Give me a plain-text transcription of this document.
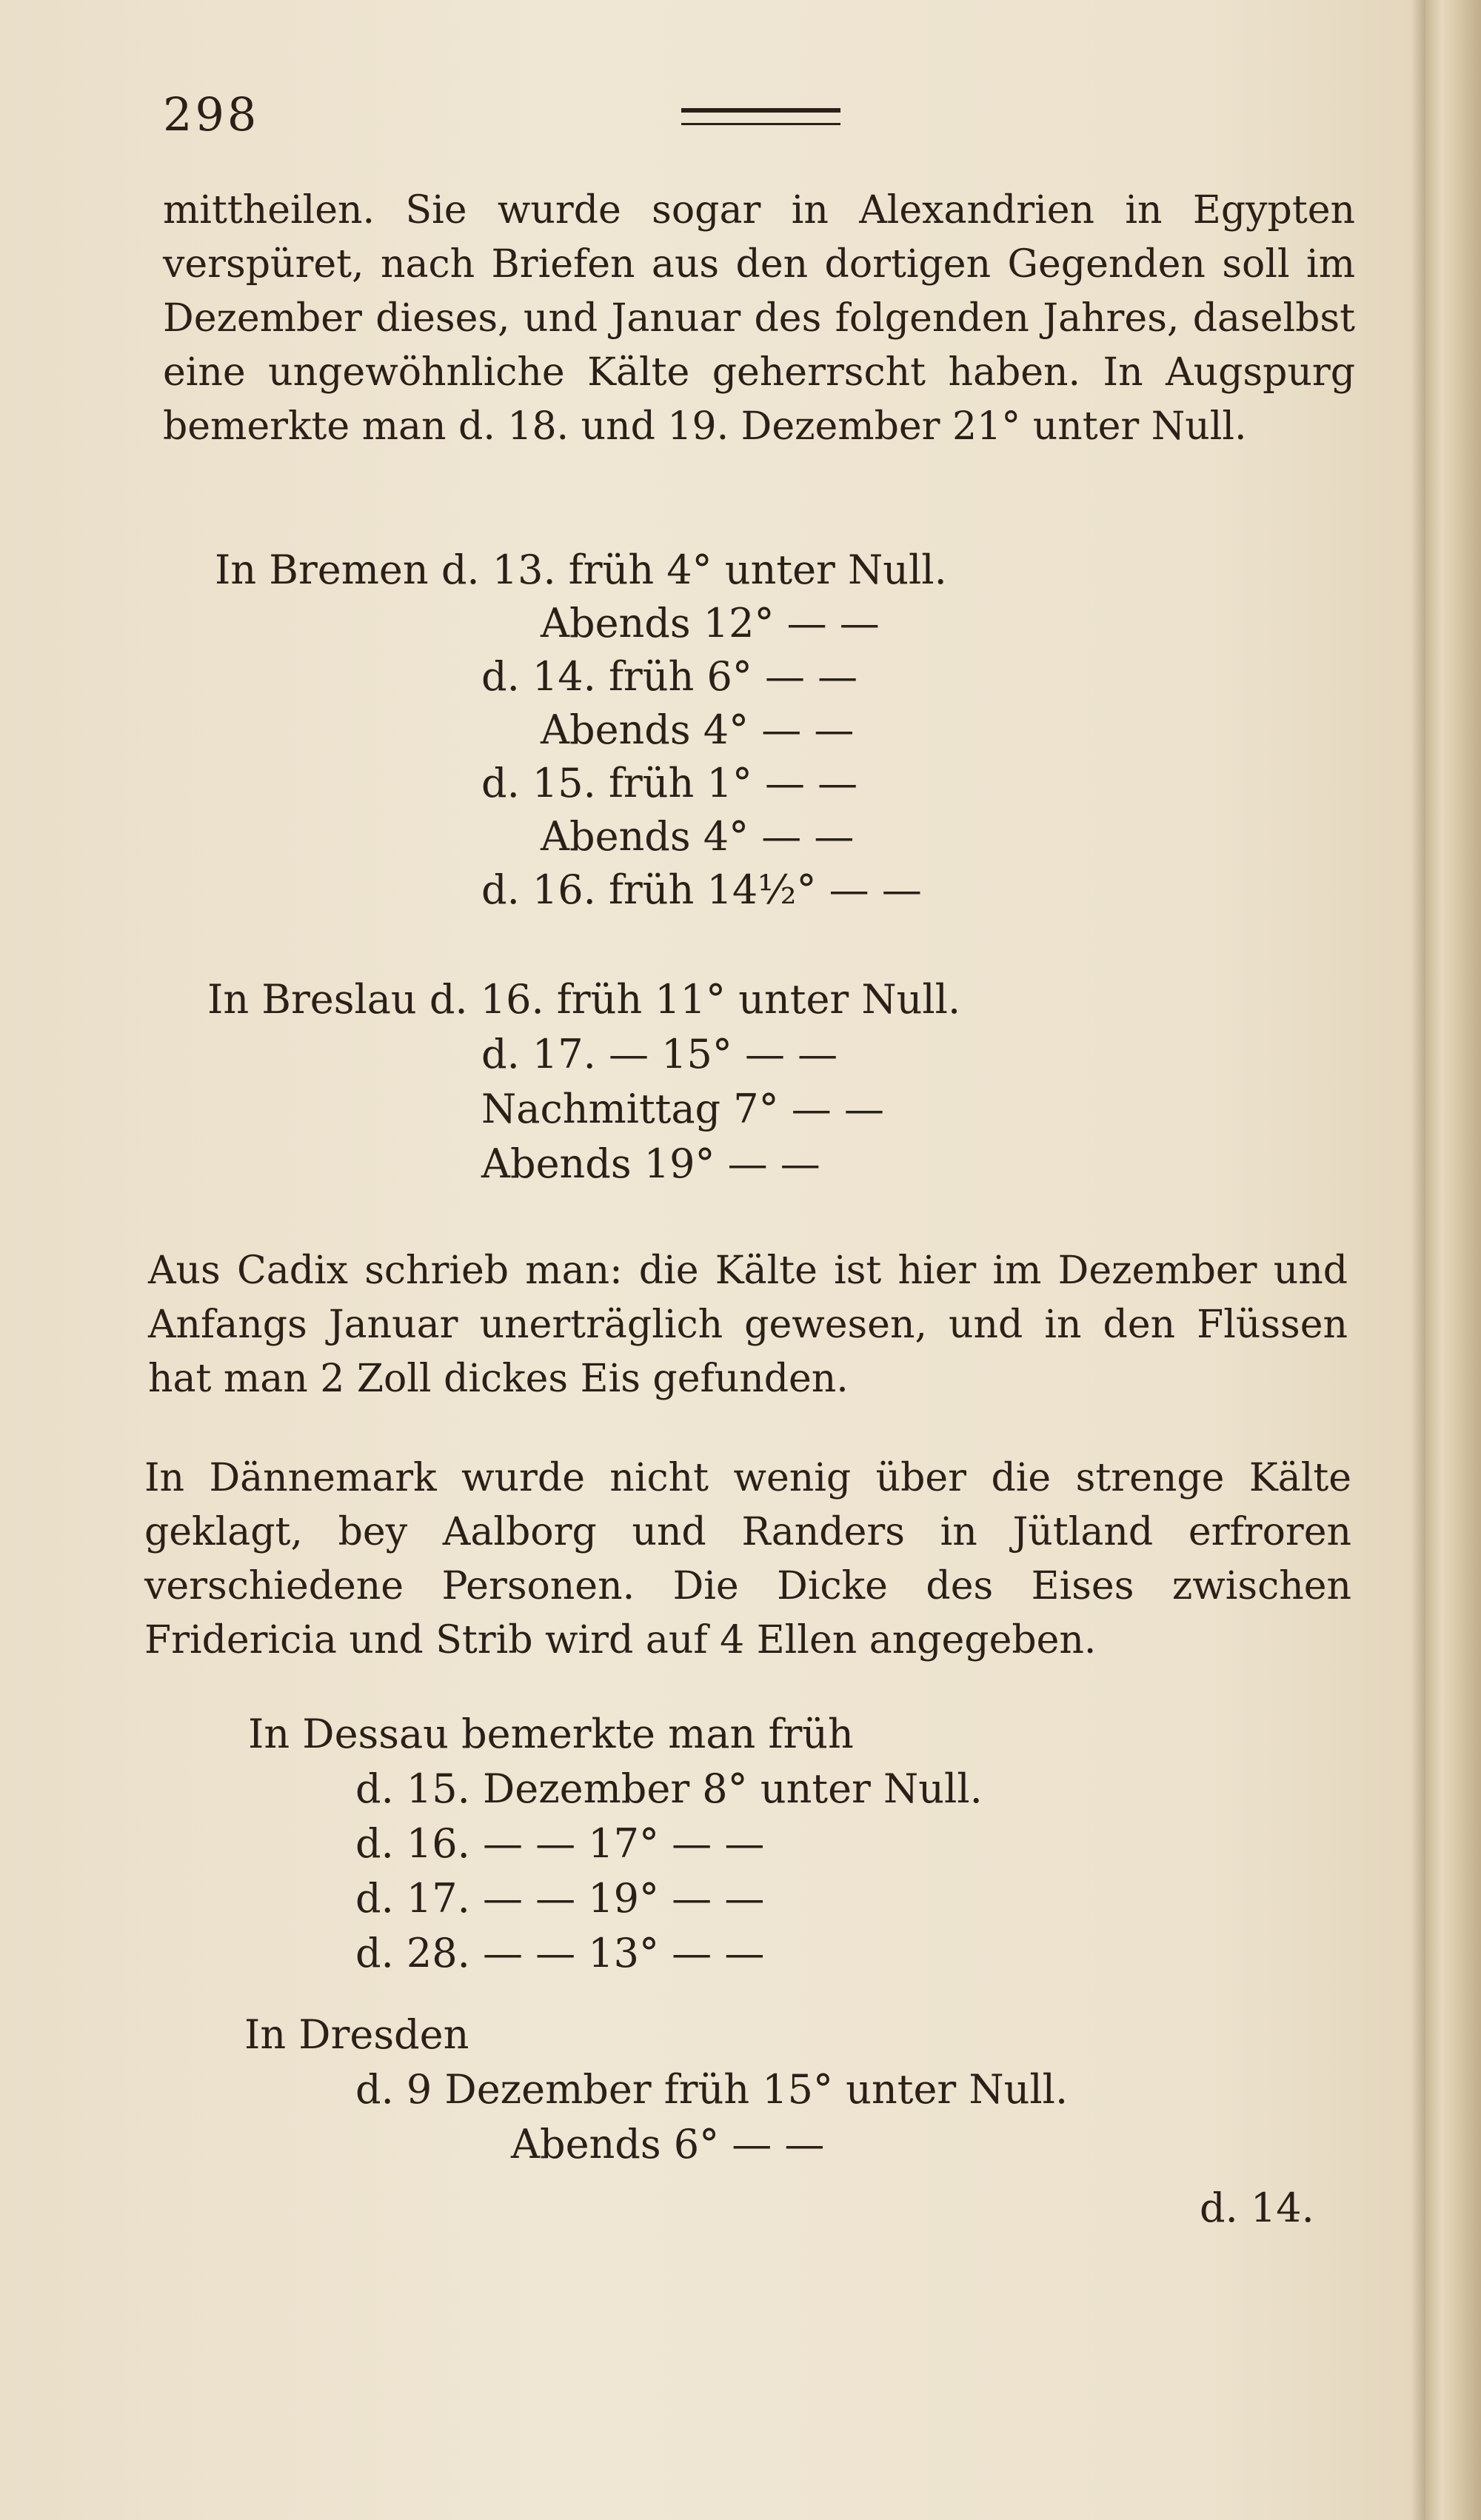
298
mittheilen. Sie wurde sogar in Alexandrien in Egypten verspüret, nach Briefen aus den dortigen Gegenden soll im Dezember dieses, und Januar des folgenden Jahres, daselbst eine ungewöhnliche Kälte geherrscht haben. In Augspurg bemerkte man d. 18. und 19. Dezember 21° unter Null.
In Bremen d. 13. früh 4° unter Null.
Abends 12° — —
d. 14. früh 6° — —
Abends 4° — —
d. 15. früh 1° — —
Abends 4° — —
d. 16. früh 14½° — —
In Breslau d. 16. früh 11° unter Null.
d. 17. — 15° — —
Nachmittag 7° — —
Abends 19° — —
Aus Cadix schrieb man: die Kälte ist hier im Dezember und Anfangs Januar unerträglich gewesen, und in den Flüssen hat man 2 Zoll dickes Eis gefunden.
In Dännemark wurde nicht wenig über die strenge Kälte geklagt, bey Aalborg und Randers in Jütland erfroren verschiedene Personen. Die Dicke des Eises zwischen Fridericia und Strib wird auf 4 Ellen angegeben.
In Dessau bemerkte man früh
d. 15. Dezember 8° unter Null.
d. 16. — — 17° — —
d. 17. — — 19° — —
d. 28. — — 13° — —
In Dresden
d. 9 Dezember früh 15° unter Null.
Abends 6° — —
d. 14.
